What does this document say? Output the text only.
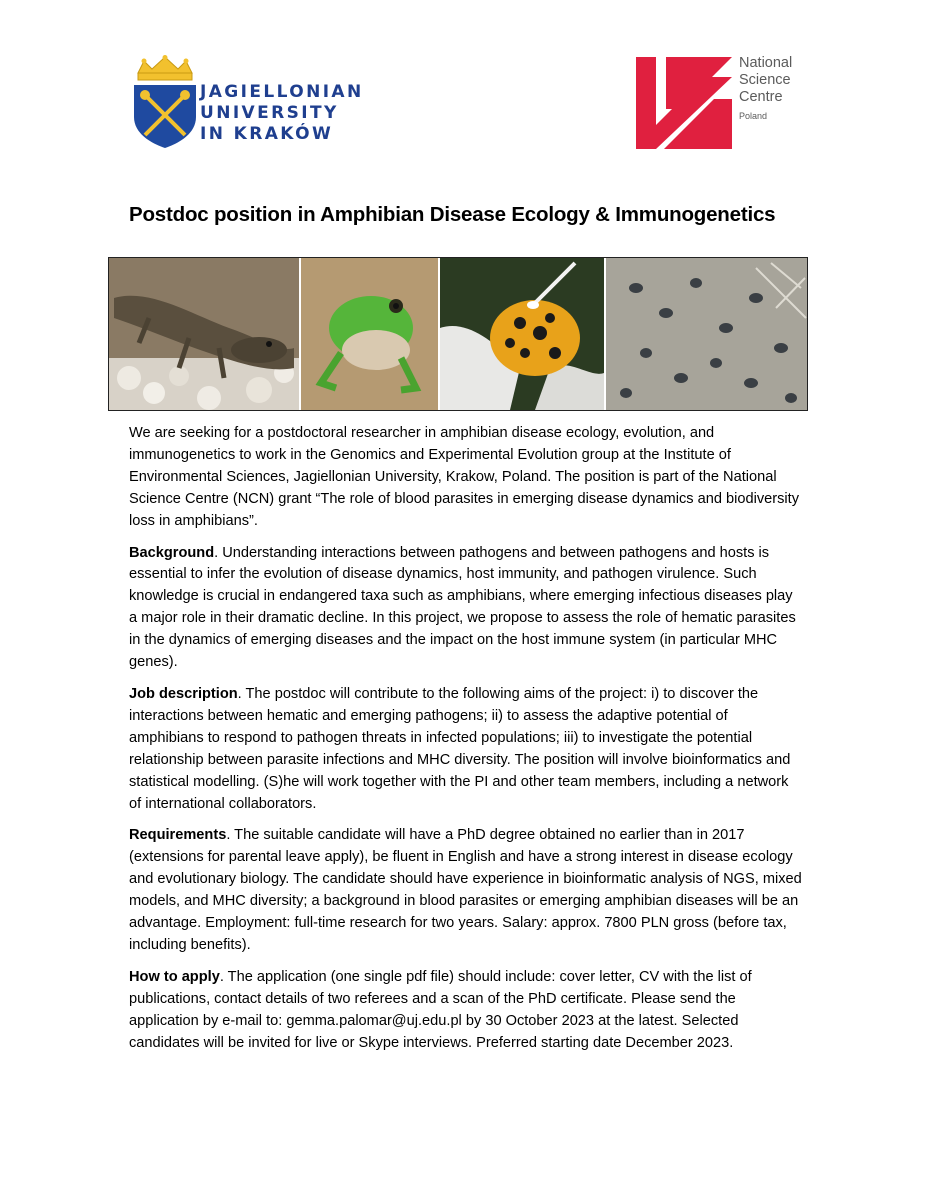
JAGIELLONIAN
UNIVERSITY
IN KRAKÓW
National
Science
Centre
Poland
Postdoc position in Amphibian Disease Ecology & Immunogenetics

We are seeking for a postdoctoral researcher in amphibian disease ecology, evolution, and immunogenetics to work in the Genomics and Experimental Evolution group at the Institute of Environmental Sciences, Jagiellonian University, Krakow, Poland. The position is part of the National Science Centre (NCN) grant “The role of blood parasites in emerging disease dynamics and biodiversity loss in amphibians”.

Background. Understanding interactions between pathogens and between pathogens and hosts is essential to infer the evolution of disease dynamics, host immunity, and pathogen virulence. Such knowledge is crucial in endangered taxa such as amphibians, where emerging infectious diseases play a major role in their dramatic decline. In this project, we propose to assess the role of hematic parasites in the dynamics of emerging diseases and the impact on the host immune system (in particular MHC genes).

Job description. The postdoc will contribute to the following aims of the project: i) to discover the interactions between hematic and emerging pathogens; ii) to assess the adaptive potential of amphibians to respond to pathogen threats in infected populations; iii) to investigate the potential relationship between parasite infections and MHC diversity. The position will involve bioinformatics and statistical modelling. (S)he will work together with the PI and other team members, including a network of international collaborators.

Requirements. The suitable candidate will have a PhD degree obtained no earlier than in 2017 (extensions for parental leave apply), be fluent in English and have a strong interest in disease ecology and evolutionary biology. The candidate should have experience in bioinformatic analysis of NGS, mixed models, and MHC diversity; a background in blood parasites or emerging amphibian diseases will be an advantage. Employment: full-time research for two years. Salary: approx. 7800 PLN gross (before tax, including benefits).

How to apply. The application (one single pdf file) should include: cover letter, CV with the list of publications, contact details of two referees and a scan of the PhD certificate. Please send the application by e-mail to: gemma.palomar@uj.edu.pl by 30 October 2023 at the latest. Selected candidates will be invited for live or Skype interviews. Preferred starting date December 2023.
